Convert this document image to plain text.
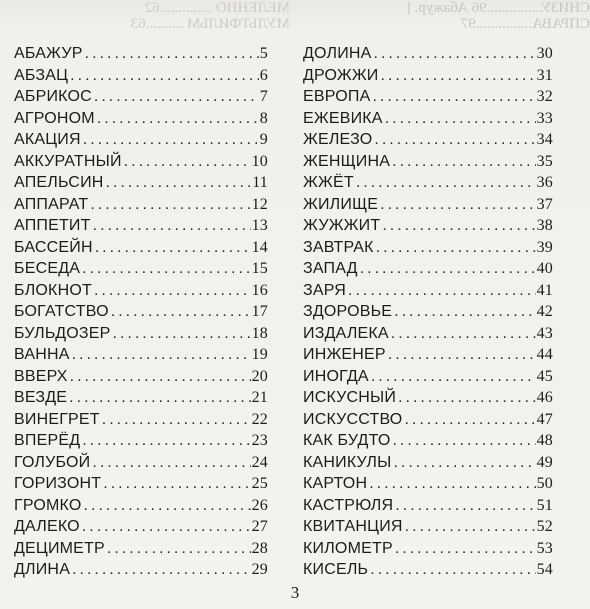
МЕЛЕННО ..............62
МУЛЬТФИЛЬМ ..........63
СНИЗУ...............96 Абажур. [
СПРАВА...............97
АБАЖУР .....	5
АБЗАЦ .....	6
АБРИКОС .....	7
АГРОНОМ .....	8
АКАЦИЯ .....	9
АККУРАТНЫЙ .....	10
АПЕЛЬСИН .....	11
АППАРАТ .....	12
АППЕТИТ .....	13
БАССЕЙН .....	14
БЕСЕДА .....	15
БЛОКНОТ .....	16
БОГАТСТВО .....	17
БУЛЬДОЗЕР .....	18
ВАННА .....	19
ВВЕРХ .....	20
ВЕЗДЕ .....	21
ВИНЕГРЕТ .....	22
ВПЕРЁД .....	23
ГОЛУБОЙ .....	24
ГОРИЗОНТ .....	25
ГРОМКО .....	26
ДАЛЕКО .....	27
ДЕЦИМЕТР .....	28
ДЛИНА .....	29
ДОЛИНА .....	30
ДРОЖЖИ .....	31
ЕВРОПА .....	32
ЕЖЕВИКА .....	33
ЖЕЛЕЗО .....	34
ЖЕНЩИНА .....	35
ЖЖЁТ .....	36
ЖИЛИЩЕ .....	37
ЖУЖЖИТ .....	38
ЗАВТРАК .....	39
ЗАПАД .....	40
ЗАРЯ .....	41
ЗДОРОВЬЕ .....	42
ИЗДАЛЕКА .....	43
ИНЖЕНЕР .....	44
ИНОГДА .....	45
ИСКУСНЫЙ .....	46
ИСКУССТВО .....	47
КАК БУДТО .....	48
КАНИКУЛЫ .....	49
КАРТОН .....	50
КАСТРЮЛЯ .....	51
КВИТАНЦИЯ .....	52
КИЛОМЕТР .....	53
КИСЕЛЬ .....	54
3
